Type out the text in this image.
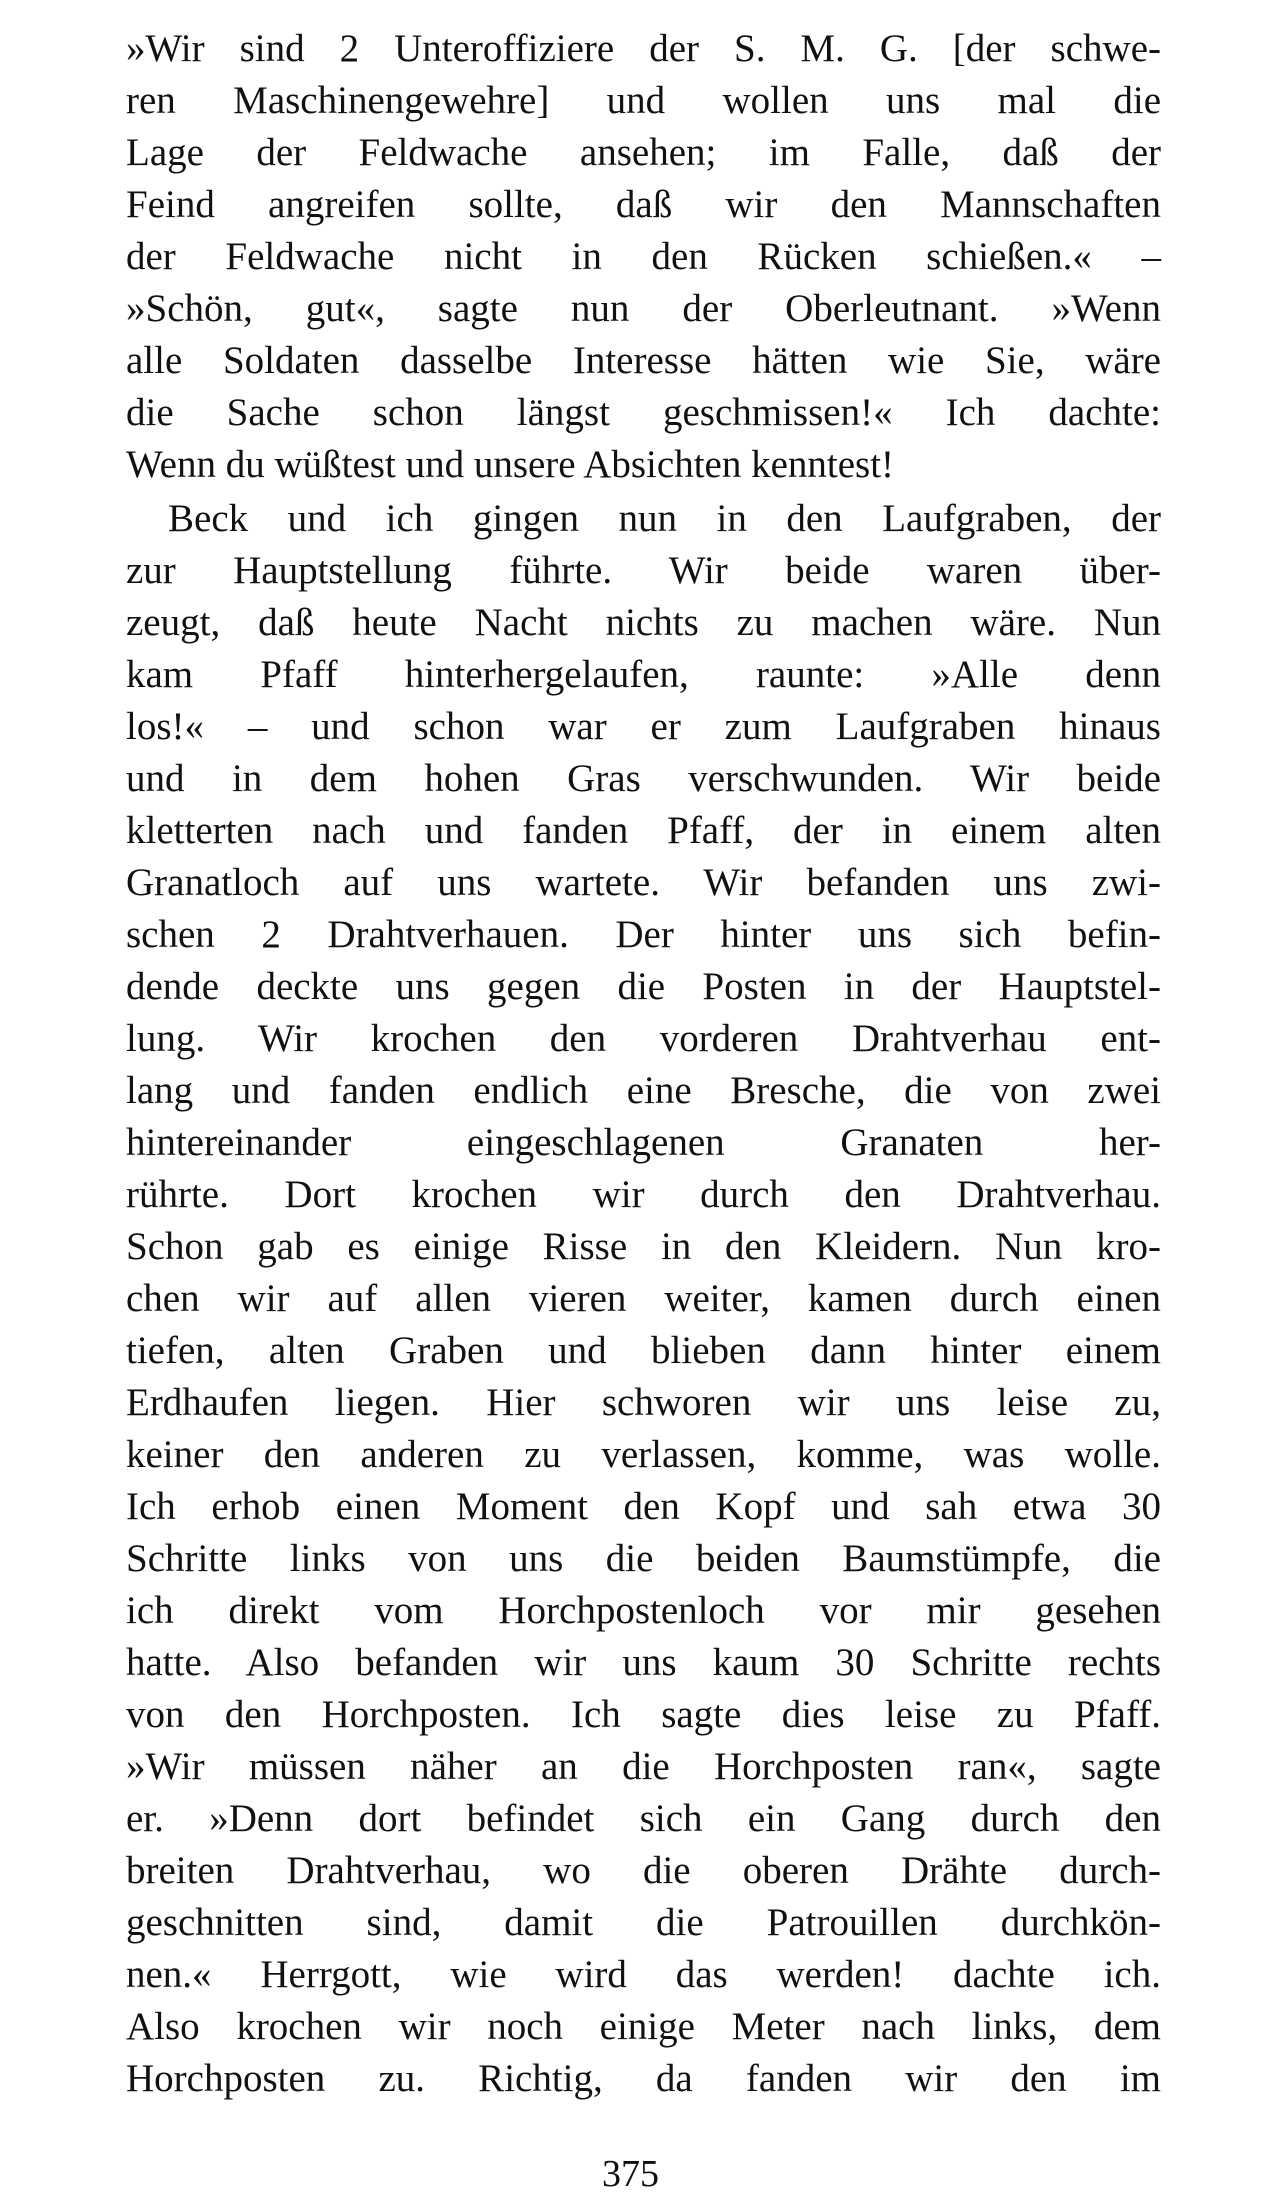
»Wir sind 2 Unteroffiziere der S. M. G. [der schwe-
ren Maschinengewehre] und wollen uns mal die
Lage der Feldwache ansehen; im Falle, daß der
Feind angreifen sollte, daß wir den Mannschaften
der Feldwache nicht in den Rücken schießen.« –
»Schön, gut«, sagte nun der Oberleutnant. »Wenn
alle Soldaten dasselbe Interesse hätten wie Sie, wäre
die Sache schon längst geschmissen!« Ich dachte:
Wenn du wüßtest und unsere Absichten kenntest!
Beck und ich gingen nun in den Laufgraben, der
zur Hauptstellung führte. Wir beide waren über-
zeugt, daß heute Nacht nichts zu machen wäre. Nun
kam Pfaff hinterhergelaufen, raunte: »Alle denn
los!« – und schon war er zum Laufgraben hinaus
und in dem hohen Gras verschwunden. Wir beide
kletterten nach und fanden Pfaff, der in einem alten
Granatloch auf uns wartete. Wir befanden uns zwi-
schen 2 Drahtverhauen. Der hinter uns sich befin-
dende deckte uns gegen die Posten in der Hauptstel-
lung. Wir krochen den vorderen Drahtverhau ent-
lang und fanden endlich eine Bresche, die von zwei
hintereinander eingeschlagenen Granaten her-
rührte. Dort krochen wir durch den Drahtverhau.
Schon gab es einige Risse in den Kleidern. Nun kro-
chen wir auf allen vieren weiter, kamen durch einen
tiefen, alten Graben und blieben dann hinter einem
Erdhaufen liegen. Hier schworen wir uns leise zu,
keiner den anderen zu verlassen, komme, was wolle.
Ich erhob einen Moment den Kopf und sah etwa 30
Schritte links von uns die beiden Baumstümpfe, die
ich direkt vom Horchpostenloch vor mir gesehen
hatte. Also befanden wir uns kaum 30 Schritte rechts
von den Horchposten. Ich sagte dies leise zu Pfaff.
»Wir müssen näher an die Horchposten ran«, sagte
er. »Denn dort befindet sich ein Gang durch den
breiten Drahtverhau, wo die oberen Drähte durch-
geschnitten sind, damit die Patrouillen durchkön-
nen.« Herrgott, wie wird das werden! dachte ich.
Also krochen wir noch einige Meter nach links, dem
Horchposten zu. Richtig, da fanden wir den im
375
